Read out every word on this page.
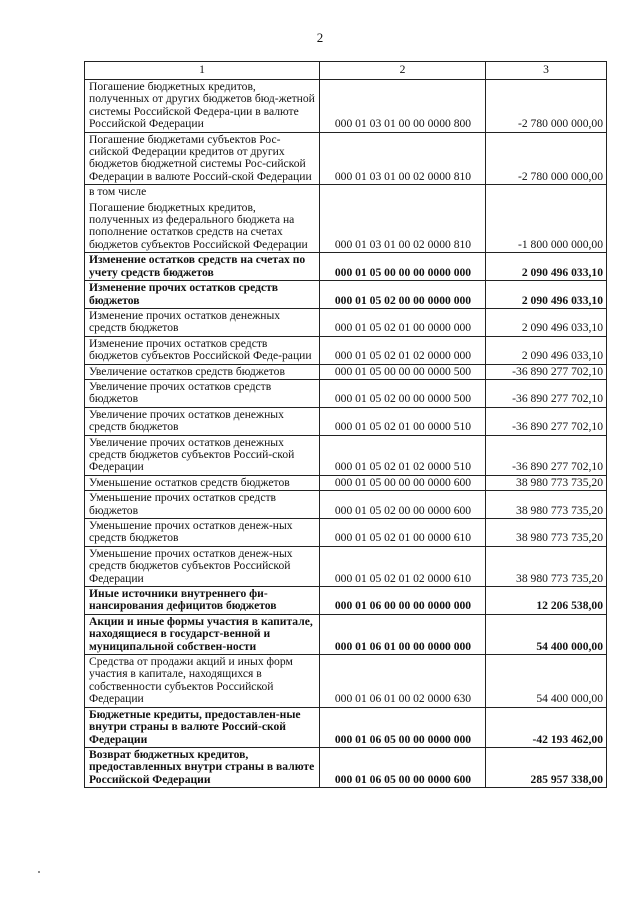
2
1	2	3
Погашение бюджетных кредитов, полученных от других бюджетов бюд-жетной системы Российской Федера-ции в валюте Российской Федерации	000 01 03 01 00 00 0000 800	-2 780 000 000,00
Погашение бюджетами субъектов Рос-сийской Федерации кредитов от других бюджетов бюджетной системы Рос-сийской Федерации в валюте Россий-ской Федерации	000 01 03 01 00 02 0000 810	-2 780 000 000,00

в том числе
Погашение бюджетных кредитов, полученных из федерального бюджета на пополнение остатков средств на счетах бюджетов субъектов Российской Федерации	000 01 03 01 00 02 0000 810	-1 800 000 000,00
Изменение остатков средств на счетах по учету средств бюджетов	000 01 05 00 00 00 0000 000	2 090 496 033,10
Изменение прочих остатков средств бюджетов	000 01 05 02 00 00 0000 000	2 090 496 033,10
Изменение прочих остатков денежных средств бюджетов	000 01 05 02 01 00 0000 000	2 090 496 033,10
Изменение прочих остатков средств бюджетов субъектов Российской Феде-рации	000 01 05 02 01 02 0000 000	2 090 496 033,10
Увеличение остатков средств бюджетов	000 01 05 00 00 00 0000 500	-36 890 277 702,10
Увеличение прочих остатков средств бюджетов	000 01 05 02 00 00 0000 500	-36 890 277 702,10
Увеличение прочих остатков денежных средств бюджетов	000 01 05 02 01 00 0000 510	-36 890 277 702,10
Увеличение прочих остатков денежных средств бюджетов субъектов Россий-ской Федерации	000 01 05 02 01 02 0000 510	-36 890 277 702,10
Уменьшение остатков средств бюджетов	000 01 05 00 00 00 0000 600	38 980 773 735,20
Уменьшение прочих остатков средств бюджетов	000 01 05 02 00 00 0000 600	38 980 773 735,20
Уменьшение прочих остатков денеж-ных средств бюджетов	000 01 05 02 01 00 0000 610	38 980 773 735,20
Уменьшение прочих остатков денеж-ных средств бюджетов субъектов Российской Федерации	000 01 05 02 01 02 0000 610	38 980 773 735,20
Иные источники внутреннего фи-нансирования дефицитов бюджетов	000 01 06 00 00 00 0000 000	12 206 538,00
Акции и иные формы участия в капитале, находящиеся в государст-венной и муниципальной собствен-ности	000 01 06 01 00 00 0000 000	54 400 000,00
Средства от продажи акций и иных форм участия в капитале, находящихся в собственности субъектов Российской Федерации	000 01 06 01 00 02 0000 630	54 400 000,00
Бюджетные кредиты, предоставлен-ные внутри страны в валюте Россий-ской Федерации	000 01 06 05 00 00 0000 000	-42 193 462,00
Возврат бюджетных кредитов, предоставленных внутри страны в валюте Российской Федерации	000 01 06 05 00 00 0000 600	285 957 338,00
